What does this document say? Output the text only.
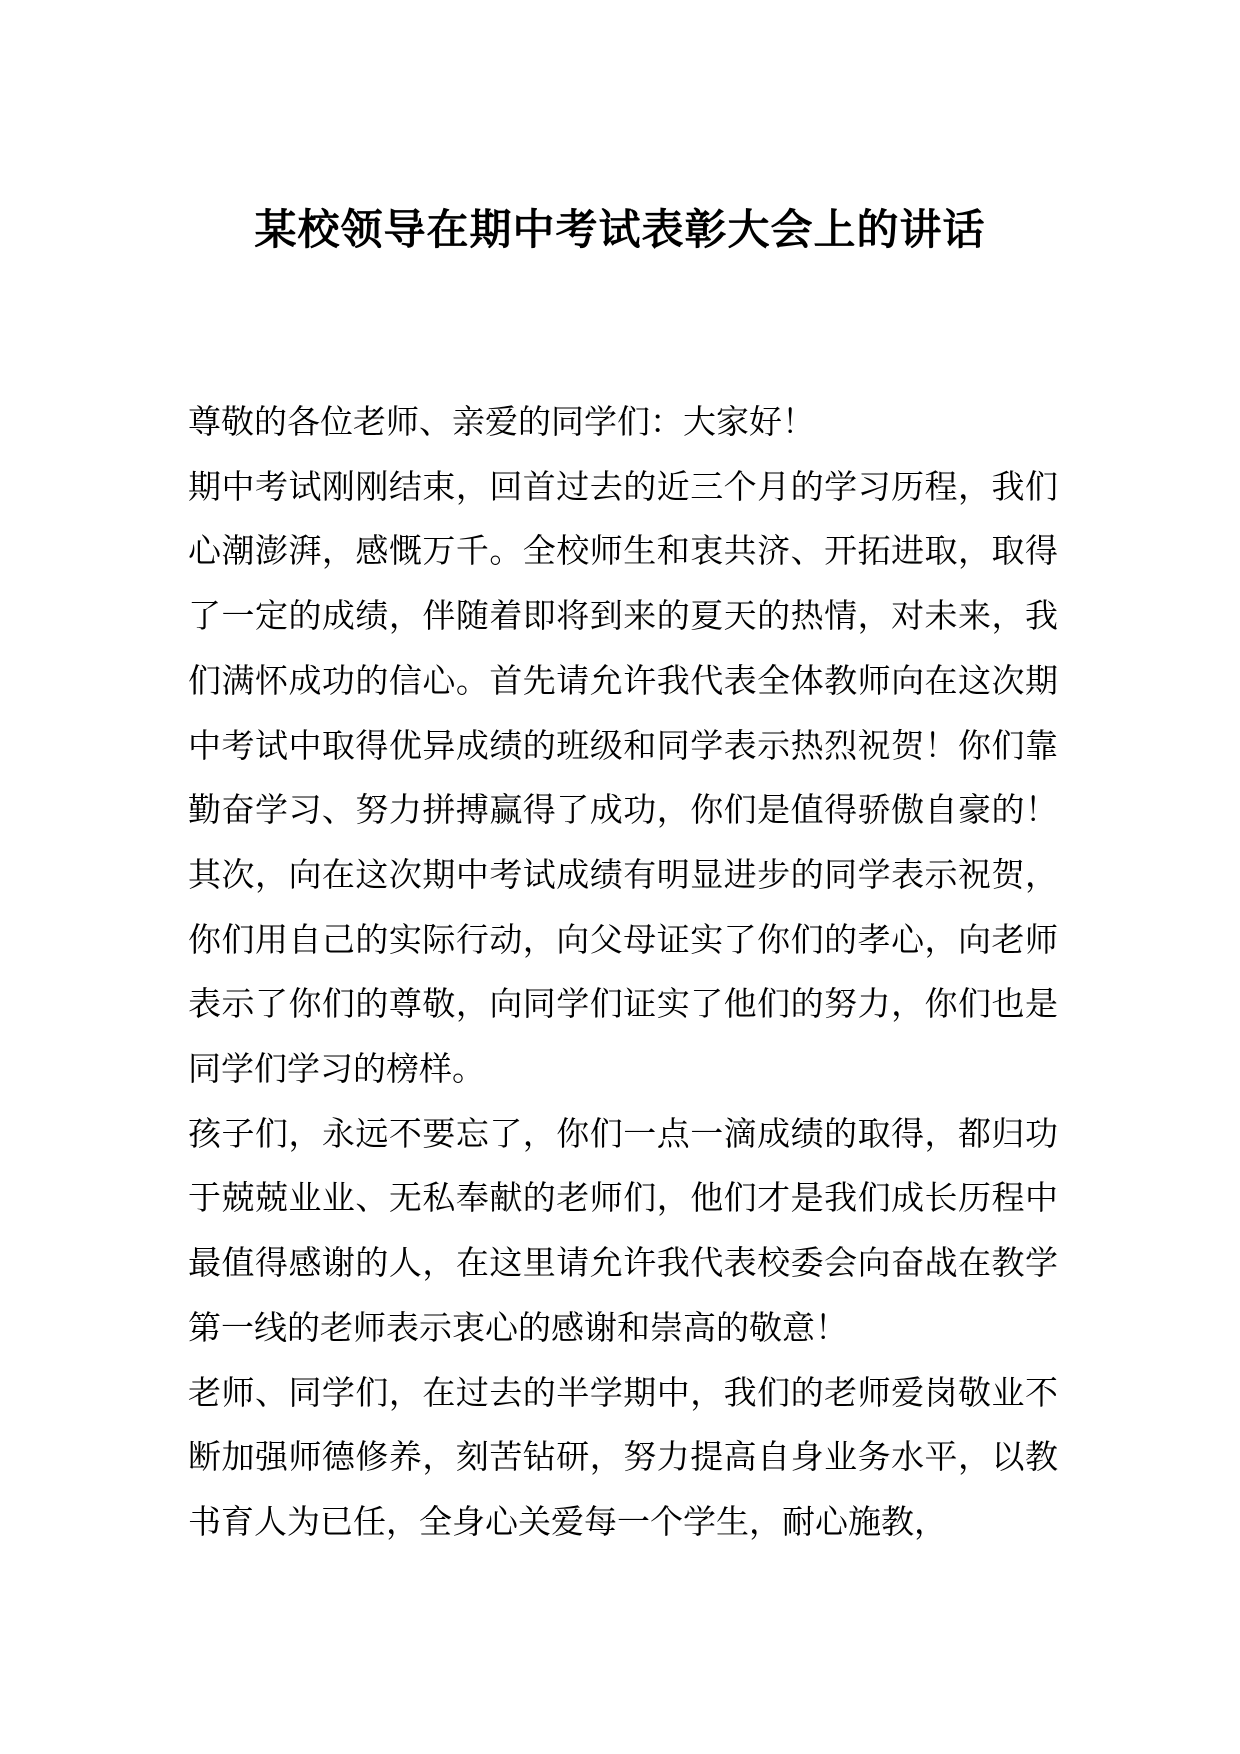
某校领导在期中考试表彰大会上的讲话

尊敬的各位老师、亲爱的同学们：大家好！

期中考试刚刚结束，回首过去的近三个月的学习历程，我们心潮澎湃，感慨万千。全校师生和衷共济、开拓进取，取得了一定的成绩，伴随着即将到来的夏天的热情，对未来，我们满怀成功的信心。首先请允许我代表全体教师向在这次期中考试中取得优异成绩的班级和同学表示热烈祝贺！你们靠勤奋学习、努力拼搏赢得了成功，你们是值得骄傲自豪的！其次，向在这次期中考试成绩有明显进步的同学表示祝贺，你们用自己的实际行动，向父母证实了你们的孝心，向老师表示了你们的尊敬，向同学们证实了他们的努力，你们也是同学们学习的榜样。

孩子们，永远不要忘了，你们一点一滴成绩的取得，都归功于兢兢业业、无私奉献的老师们，他们才是我们成长历程中最值得感谢的人，在这里请允许我代表校委会向奋战在教学第一线的老师表示衷心的感谢和崇高的敬意！

老师、同学们，在过去的半学期中，我们的老师爱岗敬业不断加强师德修养，刻苦钻研，努力提高自身业务水平，以教书育人为已任，全身心关爱每一个学生，耐心施教，
